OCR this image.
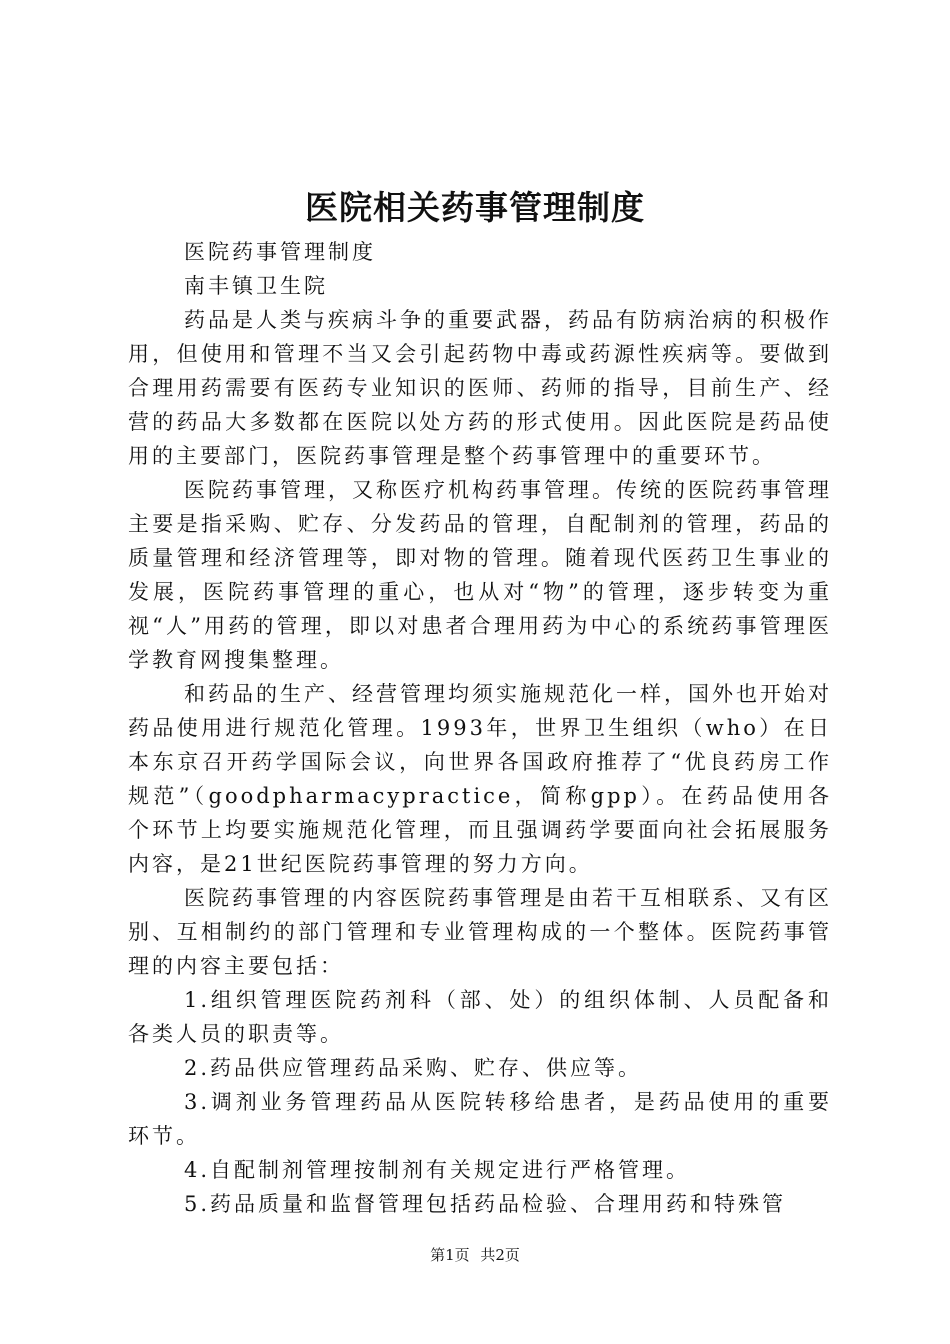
医院相关药事管理制度

医院药事管理制度

南丰镇卫生院

药品是人类与疾病斗争的重要武器，药品有防病治病的积极作用，但使用和管理不当又会引起药物中毒或药源性疾病等。要做到合理用药需要有医药专业知识的医师、药师的指导，目前生产、经营的药品大多数都在医院以处方药的形式使用。因此医院是药品使用的主要部门，医院药事管理是整个药事管理中的重要环节。

医院药事管理，又称医疗机构药事管理。传统的医院药事管理主要是指采购、贮存、分发药品的管理，自配制剂的管理，药品的质量管理和经济管理等，即对物的管理。随着现代医药卫生事业的发展，医院药事管理的重心，也从对“物”的管理，逐步转变为重视“人”用药的管理，即以对患者合理用药为中心的系统药事管理医学教育网搜集整理。

和药品的生产、经营管理均须实施规范化一样，国外也开始对药品使用进行规范化管理。1993年，世界卫生组织（who）在日本东京召开药学国际会议，向世界各国政府推荐了“优良药房工作规范”（goodpharmacypractice，简称gpp）。在药品使用各个环节上均要实施规范化管理，而且强调药学要面向社会拓展服务内容，是21世纪医院药事管理的努力方向。

医院药事管理的内容医院药事管理是由若干互相联系、又有区别、互相制约的部门管理和专业管理构成的一个整体。医院药事管理的内容主要包括：

1.组织管理医院药剂科（部、处）的组织体制、人员配备和各类人员的职责等。

2.药品供应管理药品采购、贮存、供应等。

3.调剂业务管理药品从医院转移给患者，是药品使用的重要环节。

4.自配制剂管理按制剂有关规定进行严格管理。

5.药品质量和监督管理包括药品检验、合理用药和特殊管

第1页 共2页
